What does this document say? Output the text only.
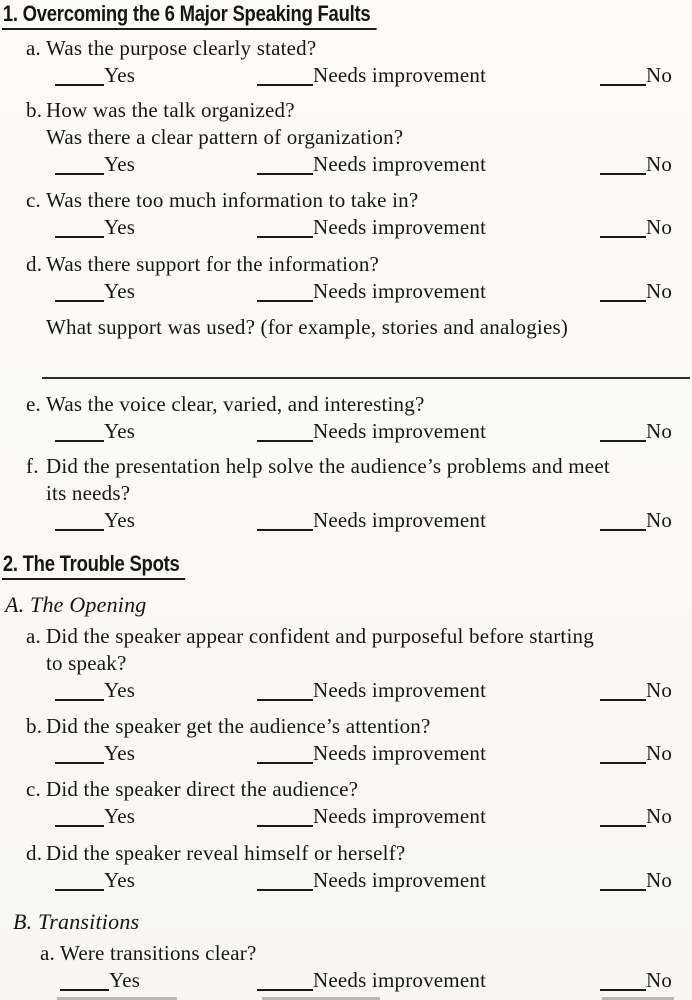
1. Overcoming the 6 Major Speaking Faults
a. Was the purpose clearly stated?
Yes	Needs improvement	No
b. How was the talk organized?
Was there a clear pattern of organization?
Yes	Needs improvement	No
c. Was there too much information to take in?
Yes	Needs improvement	No
d. Was there support for the information?
Yes	Needs improvement	No
What support was used? (for example, stories and analogies)
e. Was the voice clear, varied, and interesting?
Yes	Needs improvement	No
f. Did the presentation help solve the audience’s problems and meet
its needs?
Yes	Needs improvement	No
2. The Trouble Spots
A. The Opening
a. Did the speaker appear confident and purposeful before starting
to speak?
Yes	Needs improvement	No
b. Did the speaker get the audience’s attention?
Yes	Needs improvement	No
c. Did the speaker direct the audience?
Yes	Needs improvement	No
d. Did the speaker reveal himself or herself?
Yes	Needs improvement	No
B. Transitions
a. Were transitions clear?
Yes	Needs improvement	No
